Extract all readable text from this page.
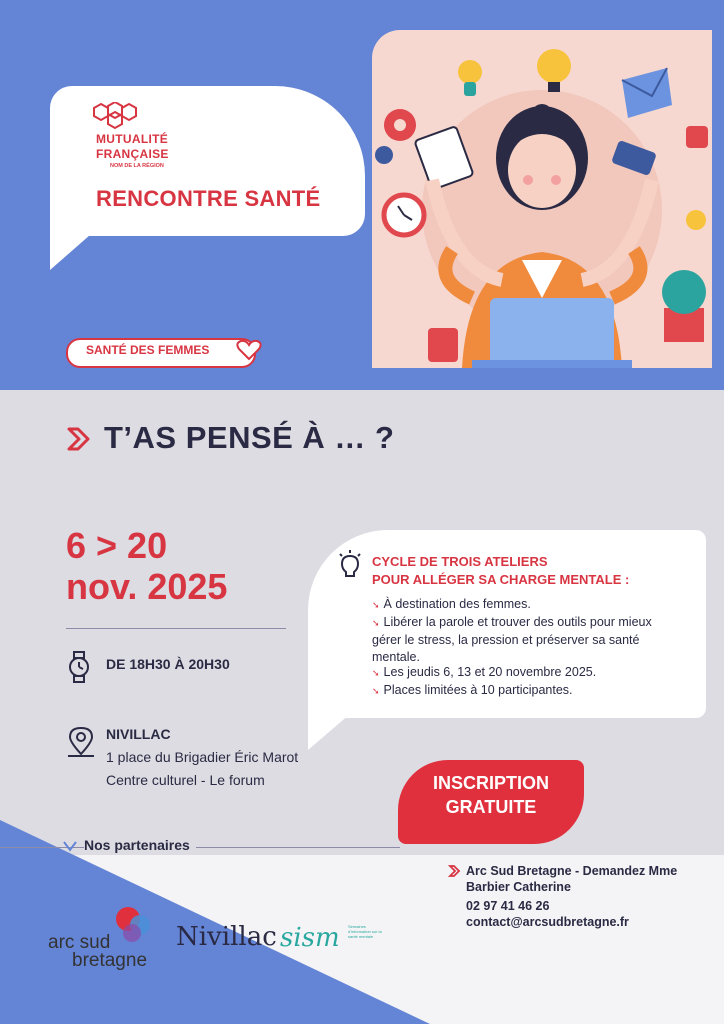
MUTUALITÉ
FRANÇAISE
NOM DE LA RÉGION
RENCONTRE SANTÉ
SANTÉ DES FEMMES
T’AS PENSÉ À … ?
6 > 20
nov. 2025
DE 18H30 À 20H30
NIVILLAC
1 place du Brigadier Éric Marot
Centre culturel - Le forum
CYCLE DE TROIS ATELIERS
POUR ALLÉGER SA CHARGE MENTALE :
➘ À destination des femmes.
➘ Libérer la parole et trouver des outils pour mieux gérer le stress, la pression et préserver sa santé mentale.
➘ Les jeudis 6, 13 et 20 novembre 2025.
➘ Places limitées à 10 participantes.
INSCRIPTION
GRATUITE
Nos partenaires
Arc Sud Bretagne - Demandez Mme
Barbier Catherine
02 97 41 46 26
contact@arcsudbretagne.fr
arc sud
bretagne
Nivillac sism Semaines d'information sur la santé mentale
